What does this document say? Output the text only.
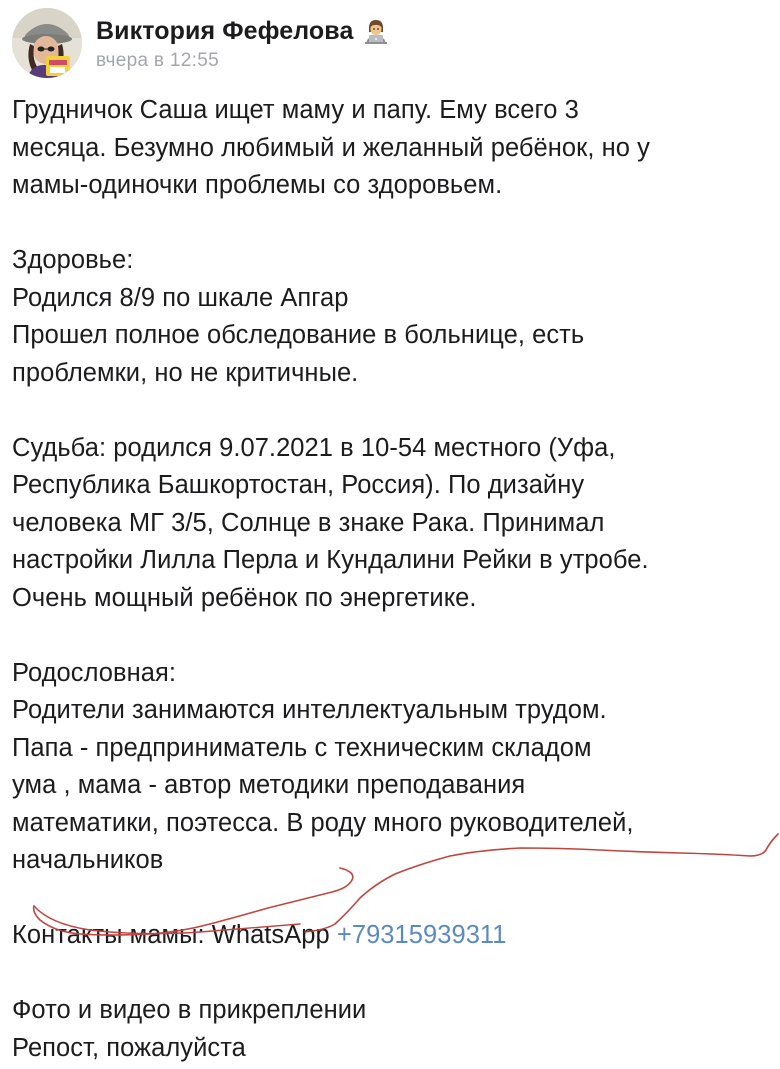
Виктория Фефелова
вчера в 12:55

Грудничок Саша ищет маму и папу. Ему всего 3
месяца. Безумно любимый и желанный ребёнок, но у
мамы-одиночки проблемы со здоровьем.

Здоровье:
Родился 8/9 по шкале Апгар
Прошел полное обследование в больнице, есть
проблемки, но не критичные.

Судьба: родился 9.07.2021 в 10-54 местного (Уфа,
Республика Башкортостан, Россия). По дизайну
человека МГ 3/5, Солнце в знаке Рака. Принимал
настройки Лилла Перла и Кундалини Рейки в утробе.
Очень мощный ребёнок по энергетике.

Родословная:
Родители занимаются интеллектуальным трудом.
Папа - предприниматель с техническим складом
ума , мама - автор методики преподавания
математики, поэтесса. В роду много руководителей,
начальников

Контакты мамы: WhatsApp +79315939311

Фото и видео в прикреплении
Репост, пожалуйста
